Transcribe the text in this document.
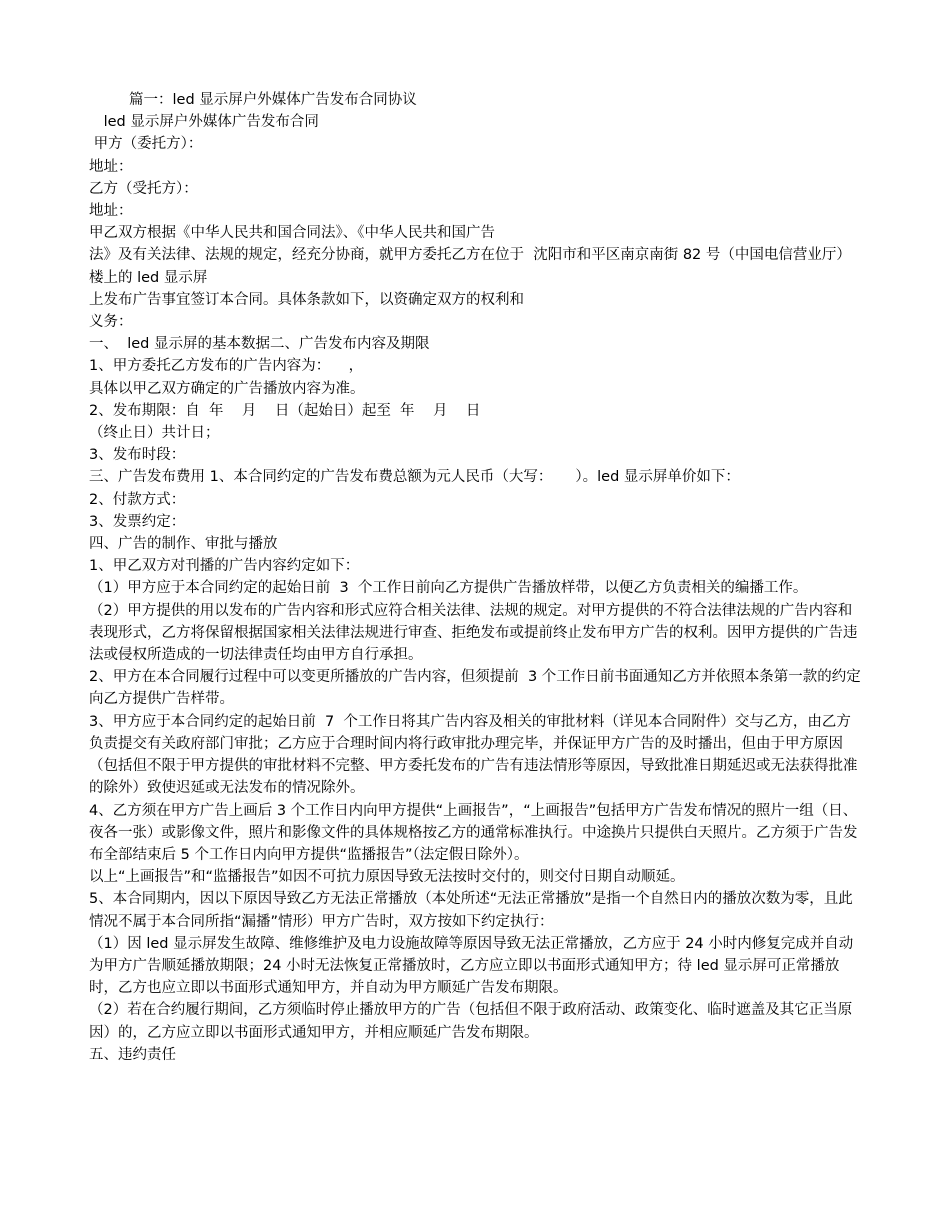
篇一：led 显示屏户外媒体广告发布合同协议
led 显示屏户外媒体广告发布合同
甲方（委托方）：
地址：
乙方（受托方）：
地址：
甲乙双方根据《中华人民共和国合同法》、《中华人民共和国广告
法》及有关法律、法规的规定，经充分协商，就甲方委托乙方在位于  沈阳市和平区南京南街 82 号（中国电信营业厅）楼上的 led 显示屏
上发布广告事宜签订本合同。具体条款如下，以资确定双方的权利和
义务：
一、  led 显示屏的基本数据二、广告发布内容及期限
1、甲方委托乙方发布的广告内容为：    ，
具体以甲乙双方确定的广告播放内容为准。
2、发布期限：自  年    月    日（起始日）起至  年    月    日
（终止日）共计日；
3、发布时段：
三、广告发布费用 1、本合同约定的广告发布费总额为元人民币（大写：     ）。led 显示屏单价如下：
2、付款方式：
3、发票约定：
四、广告的制作、审批与播放
1、甲乙双方对刊播的广告内容约定如下：
（1）甲方应于本合同约定的起始日前  3  个工作日前向乙方提供广告播放样带，以便乙方负责相关的编播工作。
（2）甲方提供的用以发布的广告内容和形式应符合相关法律、法规的规定。对甲方提供的不符合法律法规的广告内容和表现形式，乙方将保留根据国家相关法律法规进行审查、拒绝发布或提前终止发布甲方广告的权利。因甲方提供的广告违法或侵权所造成的一切法律责任均由甲方自行承担。
2、甲方在本合同履行过程中可以变更所播放的广告内容，但须提前  3 个工作日前书面通知乙方并依照本条第一款的约定向乙方提供广告样带。
3、甲方应于本合同约定的起始日前  7  个工作日将其广告内容及相关的审批材料（详见本合同附件）交与乙方，由乙方负责提交有关政府部门审批；乙方应于合理时间内将行政审批办理完毕，并保证甲方广告的及时播出，但由于甲方原因（包括但不限于甲方提供的审批材料不完整、甲方委托发布的广告有违法情形等原因，导致批准日期延迟或无法获得批准的除外）致使迟延或无法发布的情况除外。
4、乙方须在甲方广告上画后 3 个工作日内向甲方提供“上画报告”，“上画报告”包括甲方广告发布情况的照片一组（日、夜各一张）或影像文件，照片和影像文件的具体规格按乙方的通常标准执行。中途换片只提供白天照片。乙方须于广告发布全部结束后 5 个工作日内向甲方提供“监播报告”（法定假日除外）。
以上“上画报告”和“监播报告”如因不可抗力原因导致无法按时交付的，则交付日期自动顺延。
5、本合同期内，因以下原因导致乙方无法正常播放（本处所述“无法正常播放”是指一个自然日内的播放次数为零，且此情况不属于本合同所指“漏播”情形）甲方广告时，双方按如下约定执行：
（1）因 led 显示屏发生故障、维修维护及电力设施故障等原因导致无法正常播放，乙方应于 24 小时内修复完成并自动为甲方广告顺延播放期限；24 小时无法恢复正常播放时，乙方应立即以书面形式通知甲方；待 led 显示屏可正常播放时，乙方也应立即以书面形式通知甲方，并自动为甲方顺延广告发布期限。
（2）若在合约履行期间，乙方须临时停止播放甲方的广告（包括但不限于政府活动、政策变化、临时遮盖及其它正当原因）的，乙方应立即以书面形式通知甲方，并相应顺延广告发布期限。
五、违约责任
